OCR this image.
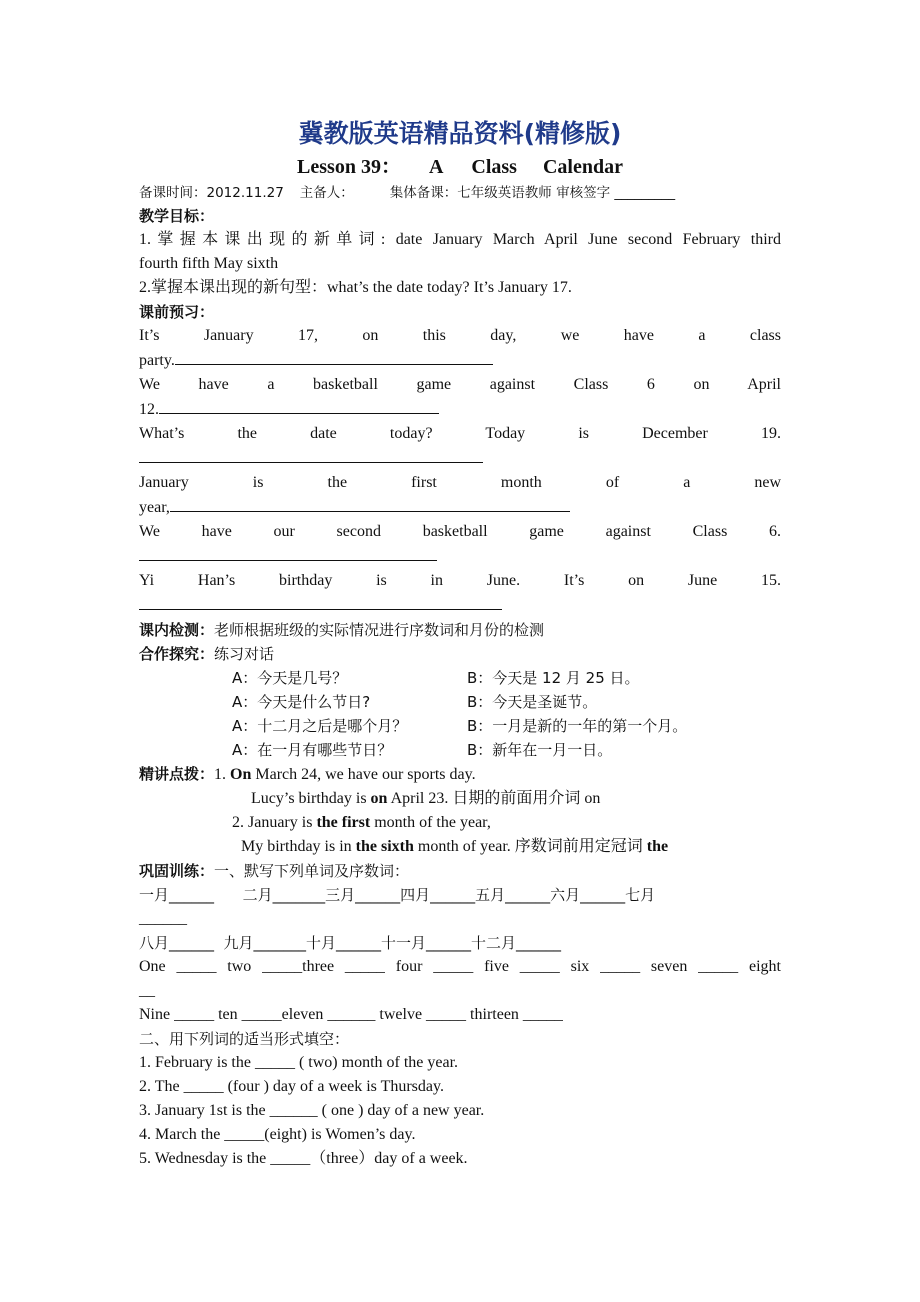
冀教版英语精品资料(精修版)
Lesson 39： A Class Calendar
备课时间：2012.11.27 主备人：	集体备课：七年级英语教师 审核签字 _________
教学目标：
1.掌握本课出现的新单词: date January March April June second February third
fourth fifth May sixth
2.掌握本课出现的新句型：what’s the date today? It’s January 17.
课前预习：
It’s January 17, on this day, we have a class
party.
We have a basketball game against Class 6 on April
12.
What’s the date today? Today is December 19.
January is the first month of a new
year,
We have our second basketball game against Class 6.
Yi Han’s birthday is in June. It’s on June 15.
课内检测：老师根据班级的实际情况进行序数词和月份的检测
合作探究：练习对话
A：今天是几号？	B：今天是 12 月 25 日。
A：今天是什么节日?	B：今天是圣诞节。
A：十二月之后是哪个月？	B：一月是新的一年的第一个月。
A：在一月有哪些节日？	B：新年在一月一日。
精讲点拨：1. On March 24, we have our sports day.
Lucy’s birthday is on April 23. 日期的前面用介词 on
2. January is the first month of the year,
My birthday is in the sixth month of year. 序数词前用定冠词 the
巩固训练：一、默写下列单词及序数词：
一月______      二月_______三月______四月______五月______六月______七月
______
八月______  九月_______十月______十一月______十二月______
One _____ two _____three _____ four _____ five _____ six _____ seven _____ eight
__
Nine _____ ten _____eleven ______ twelve _____ thirteen _____
二、用下列词的适当形式填空：
1. February is the _____ ( two) month of the year.
2. The _____ (four ) day of a week is Thursday.
3. January 1st is the ______ ( one ) day of a new year.
4. March the _____(eight) is Women’s day.
5. Wednesday is the _____（three）day of a week.
